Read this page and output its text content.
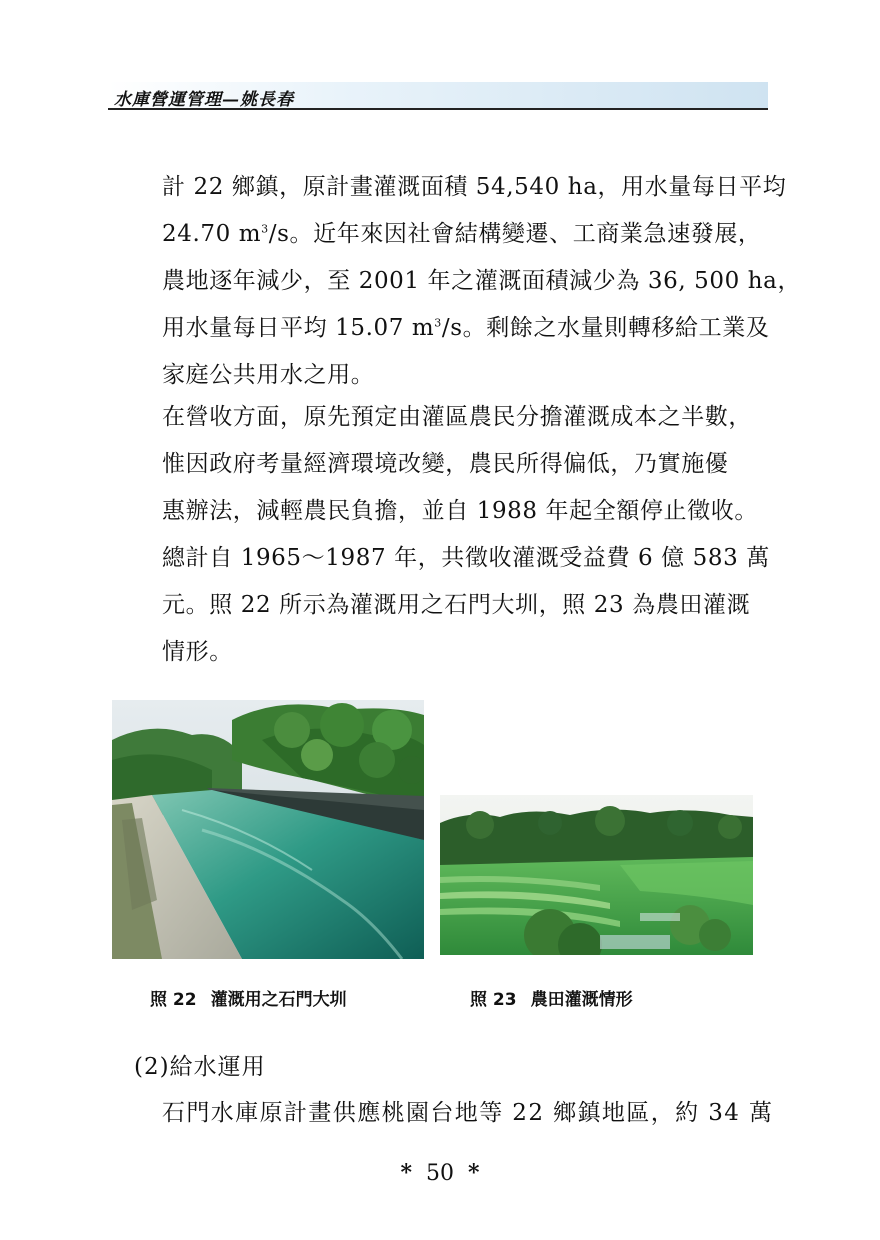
水庫營運管理—姚長春

計 22 鄉鎮，原計畫灌溉面積 54,540 ha，用水量每日平均
24.70 $m^3/s$。近年來因社會結構變遷、工商業急速發展，
農地逐年減少，至 2001 年之灌溉面積減少為 36, 500 ha，
用水量每日平均 15.07 $m^3/s$。剩餘之水量則轉移給工業及
家庭公共用水之用。

在營收方面，原先預定由灌區農民分擔灌溉成本之半數，
惟因政府考量經濟環境改變，農民所得偏低，乃實施優
惠辦法，減輕農民負擔，並自 1988 年起全額停止徵收。
總計自 1965～1987 年，共徵收灌溉受益費 6 億 583 萬
元。照 22 所示為灌溉用之石門大圳，照 23 為農田灌溉
情形。

照 22 灌溉用之石門大圳	照 23 農田灌溉情形
(2)給水運用
石門水庫原計畫供應桃園台地等 22 鄉鎮地區，約 34 萬
* 50 *
